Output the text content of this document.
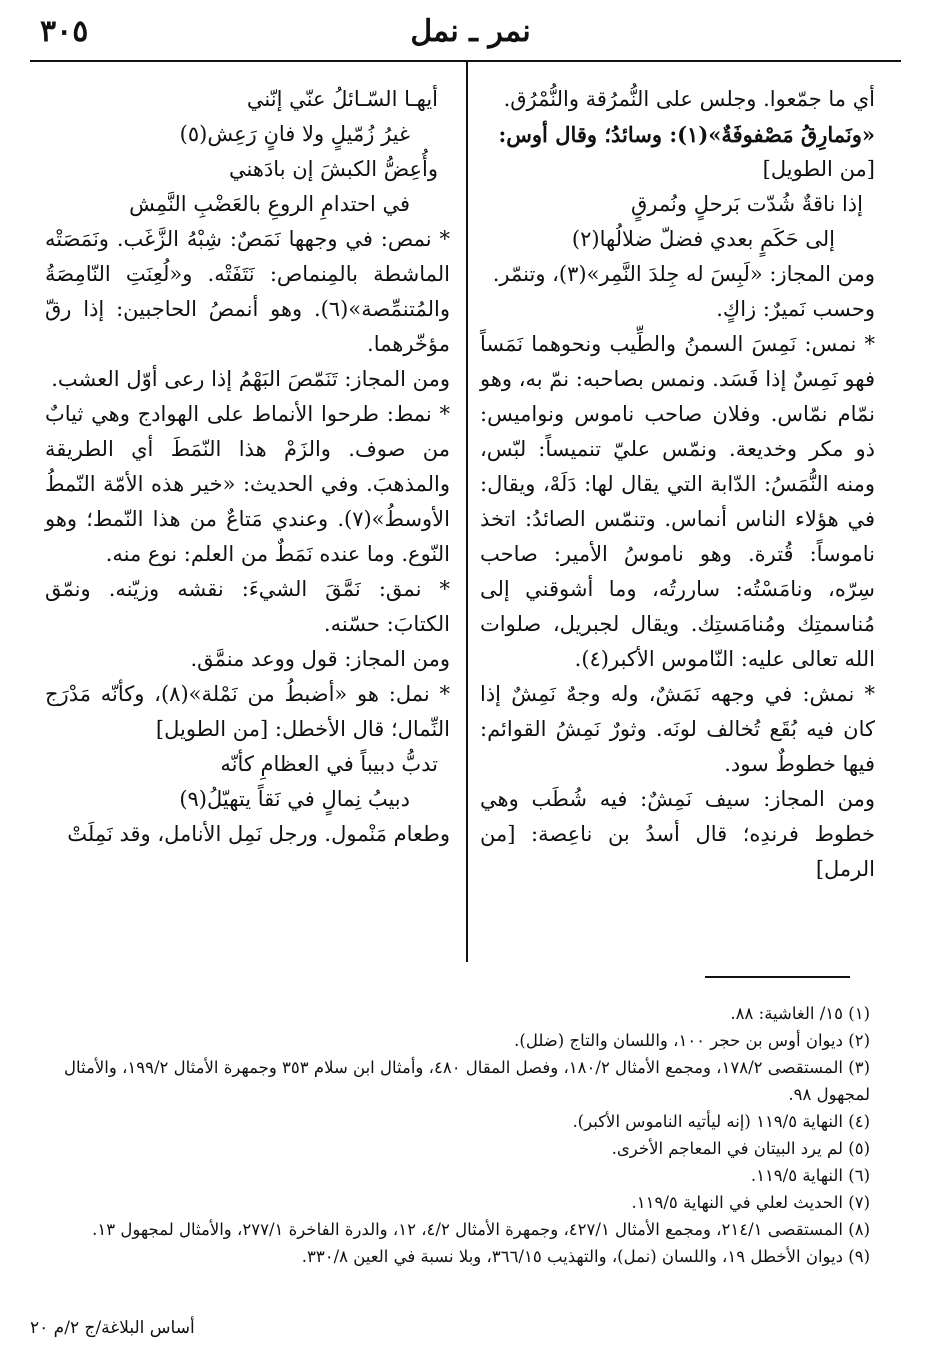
نمر ـ نمل
٣٠٥

أي ما جمّعوا. وجلس على النُّمرُقة والنُّمْرُق.

«ونَمارِقُ مَصْفوفَةٌ»(١): وسائدُ؛ وقال أوس:

[من الطويل]

إذا ناقةٌ شُدّت بَرحلٍ ونُمرقٍ

إلى حَكَمٍ بعدي فضلّ ضلالُها(٢)

ومن المجاز: «لَبِسَ له جِلدَ النَّمِر»(٣)، وتنمّر.

وحسب نَميرٌ: زاكٍ.

* نمس: نَمِسَ السمنُ والطِّيب ونحوهما نَمَساً فهو نَمِسٌ إذا فَسَد. ونمس بصاحبه: نمّ به، وهو نمّام نمّاس. وفلان صاحب ناموس ونواميس: ذو مكر وخديعة. ونمّس عليّ تنميساً: لبّس، ومنه النُّمَسُ: الدّابة التي يقال لها: دَلَهْ، ويقال: في هؤلاء الناس أنماس. وتنمّس الصائدُ: اتخذ ناموساً: قُترة. وهو ناموسُ الأمير: صاحب سِرّه، ونامَسْتُه: ساررتُه، وما أشوقني إلى مُناسمتِك ومُنامَستِك. ويقال لجبريل، صلوات الله تعالى عليه: النّاموس الأكبر(٤).

* نمش: في وجهه نَمَشٌ، وله وجهٌ نَمِشٌ إذا كان فيه بُقَع تُخالف لونَه. وثورٌ نَمِشُ القوائم: فيها خطوطٌ سود.

ومن المجاز: سيف نَمِشٌ: فيه شُطَب وهي خطوط فرندِه؛ قال أسدُ بن ناعِصة: [من الرمل]

أيهـا السّـائلُ عنّي إنّني

غيرُ زُمّيلٍ ولا فانٍ رَعِش(٥)

وأُعِضُّ الكبشَ إن بادَهني

في احتدامِ الروعِ بالعَضْبِ النَّمِش

* نمص: في وجهها نَمَصٌ: شِبْهُ الزَّغَب. ونَمَصَتْه الماشطة بالمِنماص: نَتَفَتْه. و«لُعِنَتِ النّامِصَةُ والمُتنمِّصة»(٦). وهو أنمصُ الحاجبين: إذا رقّ مؤخّرهما.

ومن المجاز: تَنَمّصَ البَهْمُ إذا رعى أوّل العشب.

* نمط: طرحوا الأنماط على الهوادج وهي ثيابٌ من صوف. والزَمْ هذا النّمَطَ أي الطريقة والمذهبَ. وفي الحديث: «خير هذه الأمّة النّمطُ الأوسطُ»(٧). وعندي مَتاعٌ من هذا النّمط؛ وهو النّوع. وما عنده نَمَطٌ من العلم: نوع منه.

* نمق: نَمَّقَ الشيءَ: نقشه وزيّنه. ونمّق الكتابَ: حسّنه.

ومن المجاز: قول ووعد منمَّق.

* نمل: هو «أضبطُ من نَمْلة»(٨)، وكأنّه مَدْرَج النِّمال؛ قال الأخطل: [من الطويل]

تدبُّ دبيباً في العظامِ كأنّه

دبيبُ نِمالٍ في نَقاً يتهيّلُ(٩)

وطعام مَنْمول. ورجل نَمِل الأنامل، وقد نَمِلَتْ

(١) ١٥/ الغاشية: ٨٨.

(٢) ديوان أوس بن حجر ١٠٠، واللسان والتاج (ضلل).

(٣) المستقصى ١٧٨/٢، ومجمع الأمثال ١٨٠/٢، وفصل المقال ٤٨٠، وأمثال ابن سلام ٣٥٣ وجمهرة الأمثال ١٩٩/٢، والأمثال لمجهول ٩٨.

(٤) النهاية ١١٩/٥ (إنه ليأتيه الناموس الأكبر).

(٥) لم يرد البيتان في المعاجم الأخرى.

(٦) النهاية ١١٩/٥.

(٧) الحديث لعلي في النهاية ١١٩/٥.

(٨) المستقصى ٢١٤/١، ومجمع الأمثال ٤٢٧/١، وجمهرة الأمثال ٤/٢، ١٢، والدرة الفاخرة ٢٧٧/١، والأمثال لمجهول ١٣.

(٩) ديوان الأخطل ١٩، واللسان (نمل)، والتهذيب ٣٦٦/١٥، وبلا نسبة في العين ٣٣٠/٨.

أساس البلاغة/ج ٢/م ٢٠
